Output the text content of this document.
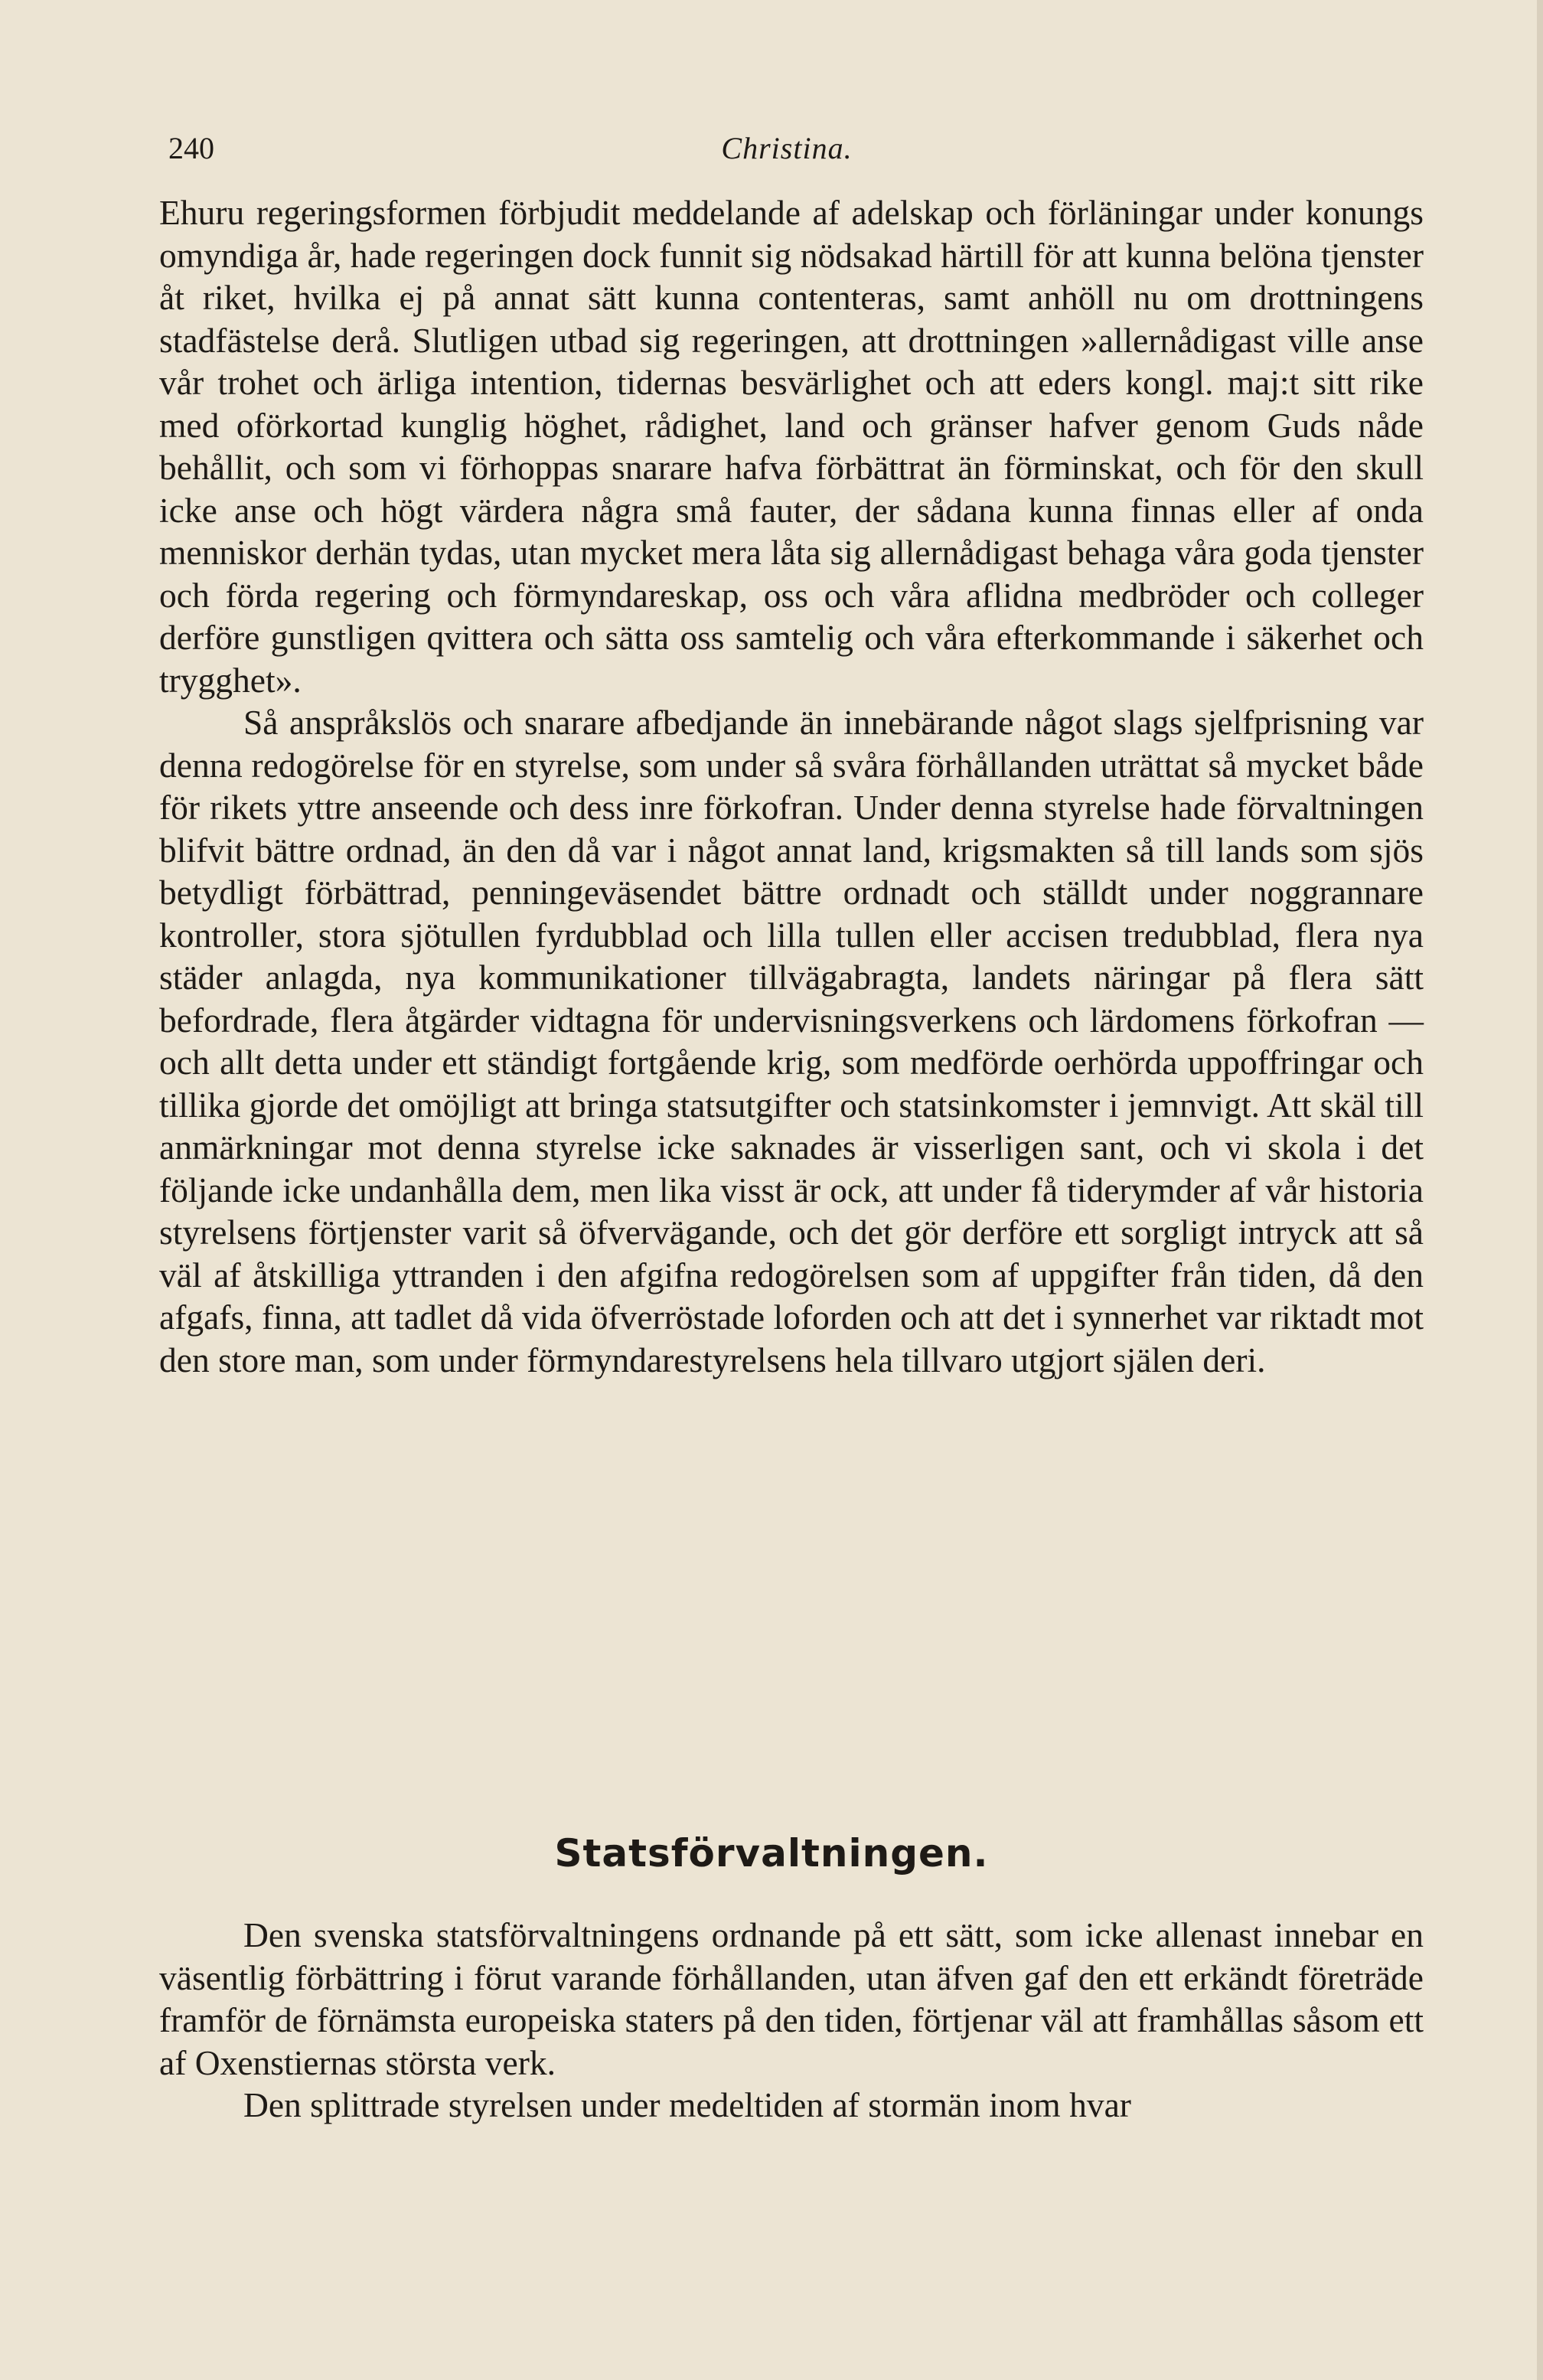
240	Christina.

Ehuru regeringsformen förbjudit meddelande af adelskap och förläningar under konungs omyndiga år, hade regeringen dock funnit sig nödsakad härtill för att kunna belöna tjenster åt riket, hvilka ej på annat sätt kunna contenteras, samt anhöll nu om drottningens stadfästelse derå. Slutligen utbad sig regeringen, att drottningen »allernådigast ville anse vår trohet och ärliga intention, tidernas besvärlighet och att eders kongl. maj:t sitt rike med oförkortad kunglig höghet, rådighet, land och gränser hafver genom Guds nåde behållit, och som vi förhoppas snarare hafva förbättrat än förminskat, och för den skull icke anse och högt värdera några små fauter, der sådana kunna finnas eller af onda menniskor derhän tydas, utan mycket mera låta sig allernådigast behaga våra goda tjenster och förda regering och förmyndareskap, oss och våra aflidna medbröder och colleger derföre gunstligen qvittera och sätta oss samtelig och våra efterkommande i säkerhet och trygghet».

Så anspråkslös och snarare afbedjande än innebärande något slags sjelfprisning var denna redogörelse för en styrelse, som under så svåra förhållanden uträttat så mycket både för rikets yttre anseende och dess inre förkofran. Under denna styrelse hade förvaltningen blifvit bättre ordnad, än den då var i något annat land, krigsmakten så till lands som sjös betydligt förbättrad, penningeväsendet bättre ordnadt och ställdt under noggrannare kontroller, stora sjötullen fyrdubblad och lilla tullen eller accisen tredubblad, flera nya städer anlagda, nya kommunikationer tillvägabragta, landets näringar på flera sätt befordrade, flera åtgärder vidtagna för undervisningsverkens och lärdomens förkofran — och allt detta under ett ständigt fortgående krig, som medförde oerhörda uppoffringar och tillika gjorde det omöjligt att bringa statsutgifter och statsinkomster i jemnvigt. Att skäl till anmärkningar mot denna styrelse icke saknades är visserligen sant, och vi skola i det följande icke undanhålla dem, men lika visst är ock, att under få tiderymder af vår historia styrelsens förtjenster varit så öfvervägande, och det gör derföre ett sorgligt intryck att så väl af åtskilliga yttranden i den afgifna redogörelsen som af uppgifter från tiden, då den afgafs, finna, att tadlet då vida öfverröstade loforden och att det i synnerhet var riktadt mot den store man, som under förmyndarestyrelsens hela tillvaro utgjort själen deri.

Statsförvaltningen.

Den svenska statsförvaltningens ordnande på ett sätt, som icke allenast innebar en väsentlig förbättring i förut varande förhållanden, utan äfven gaf den ett erkändt företräde framför de förnämsta europeiska staters på den tiden, förtjenar väl att framhållas såsom ett af Oxenstiernas största verk.

Den splittrade styrelsen under medeltiden af stormän inom hvar
